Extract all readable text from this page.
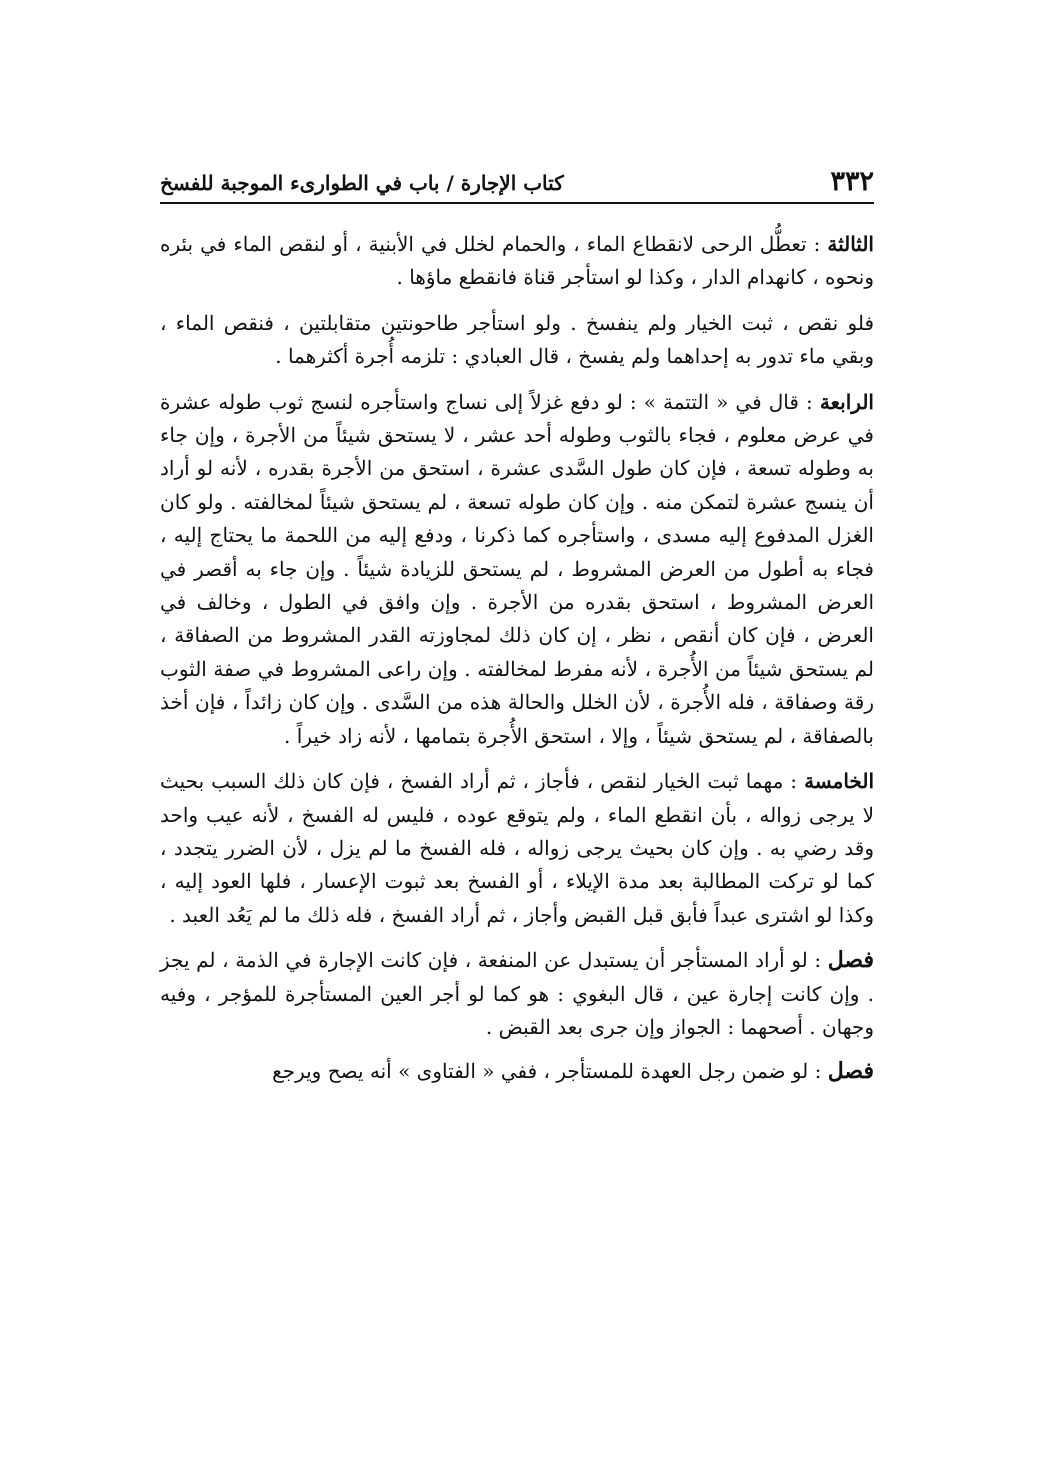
٣٣٢
كتاب الإجارة / باب في الطوارىء الموجبة للفسخ

الثالثة : تعطُّل الرحى لانقطاع الماء ، والحمام لخلل في الأبنية ، أو لنقص الماء في بئره ونحوه ، كانهدام الدار ، وكذا لو استأجر قناة فانقطع ماؤها .

فلو نقص ، ثبت الخيار ولم ينفسخ . ولو استأجر طاحونتين متقابلتين ، فنقص الماء ، وبقي ماء تدور به إحداهما ولم يفسخ ، قال العبادي : تلزمه أُجرة أكثرهما .

الرابعة : قال في « التتمة » : لو دفع غزلاً إلى نساج واستأجره لنسج ثوب طوله عشرة في عرض معلوم ، فجاء بالثوب وطوله أحد عشر ، لا يستحق شيئاً من الأجرة ، وإن جاء به وطوله تسعة ، فإن كان طول السَّدى عشرة ، استحق من الأجرة بقدره ، لأنه لو أراد أن ينسج عشرة لتمكن منه . وإن كان طوله تسعة ، لم يستحق شيئاً لمخالفته . ولو كان الغزل المدفوع إليه مسدى ، واستأجره كما ذكرنا ، ودفع إليه من اللحمة ما يحتاج إليه ، فجاء به أطول من العرض المشروط ، لم يستحق للزيادة شيئاً . وإن جاء به أقصر في العرض المشروط ، استحق بقدره من الأجرة . وإن وافق في الطول ، وخالف في العرض ، فإن كان أنقص ، نظر ، إن كان ذلك لمجاوزته القدر المشروط من الصفاقة ، لم يستحق شيئاً من الأُجرة ، لأنه مفرط لمخالفته . وإن راعى المشروط في صفة الثوب رقة وصفاقة ، فله الأُجرة ، لأن الخلل والحالة هذه من السَّدى . وإن كان زائداً ، فإن أخذ بالصفاقة ، لم يستحق شيئاً ، وإلا ، استحق الأُجرة بتمامها ، لأنه زاد خيراً .

الخامسة : مهما ثبت الخيار لنقص ، فأجاز ، ثم أراد الفسخ ، فإن كان ذلك السبب بحيث لا يرجى زواله ، بأن انقطع الماء ، ولم يتوقع عوده ، فليس له الفسخ ، لأنه عيب واحد وقد رضي به . وإن كان بحيث يرجى زواله ، فله الفسخ ما لم يزل ، لأن الضرر يتجدد ، كما لو تركت المطالبة بعد مدة الإيلاء ، أو الفسخ بعد ثبوت الإعسار ، فلها العود إليه ، وكذا لو اشترى عبداً فأبق قبل القبض وأجاز ، ثم أراد الفسخ ، فله ذلك ما لم يَعُد العبد .

فصل : لو أراد المستأجر أن يستبدل عن المنفعة ، فإن كانت الإجارة في الذمة ، لم يجز . وإن كانت إجارة عين ، قال البغوي : هو كما لو أجر العين المستأجرة للمؤجر ، وفيه وجهان . أصحهما : الجواز وإن جرى بعد القبض .

فصل : لو ضمن رجل العهدة للمستأجر ، ففي « الفتاوى » أنه يصح ويرجع
